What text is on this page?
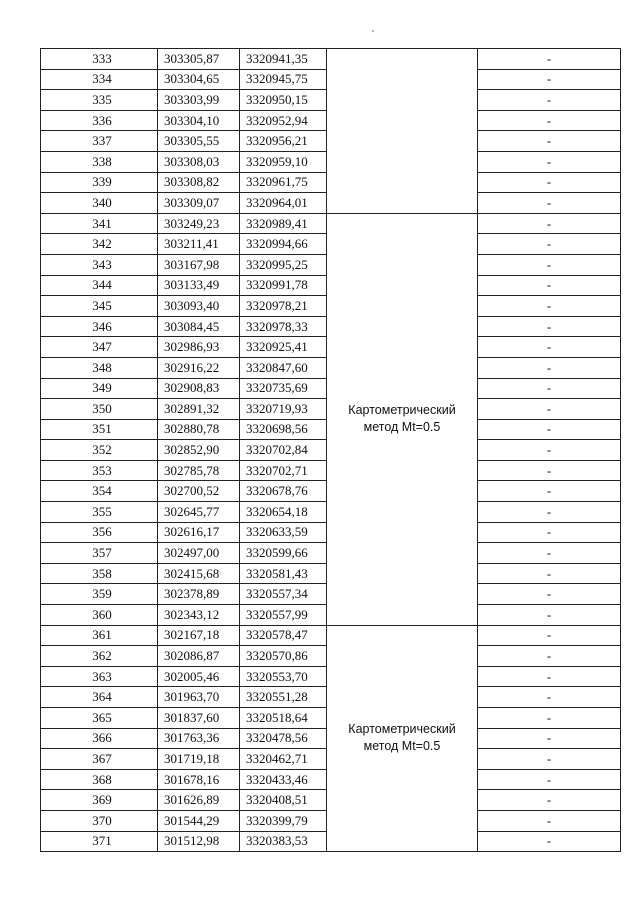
333	303305,87	3320941,35		-
334	303304,65	3320945,75		-
335	303303,99	3320950,15		-
336	303304,10	3320952,94		-
337	303305,55	3320956,21		-
338	303308,03	3320959,10		-
339	303308,82	3320961,75		-
340	303309,07	3320964,01		-
341	303249,23	3320989,41	Картометрический метод Mt=0.5	-
342	303211,41	3320994,66		-
343	303167,98	3320995,25		-
344	303133,49	3320991,78		-
345	303093,40	3320978,21		-
346	303084,45	3320978,33		-
347	302986,93	3320925,41		-
348	302916,22	3320847,60		-
349	302908,83	3320735,69		-
350	302891,32	3320719,93		-
351	302880,78	3320698,56		-
352	302852,90	3320702,84		-
353	302785,78	3320702,71		-
354	302700,52	3320678,76		-
355	302645,77	3320654,18		-
356	302616,17	3320633,59		-
357	302497,00	3320599,66		-
358	302415,68	3320581,43		-
359	302378,89	3320557,34		-
360	302343,12	3320557,99		-
361	302167,18	3320578,47	Картометрический метод Mt=0.5	-
362	302086,87	3320570,86		-
363	302005,46	3320553,70		-
364	301963,70	3320551,28		-
365	301837,60	3320518,64		-
366	301763,36	3320478,56		-
367	301719,18	3320462,71		-
368	301678,16	3320433,46		-
369	301626,89	3320408,51		-
370	301544,29	3320399,79		-
371	301512,98	3320383,53		-
